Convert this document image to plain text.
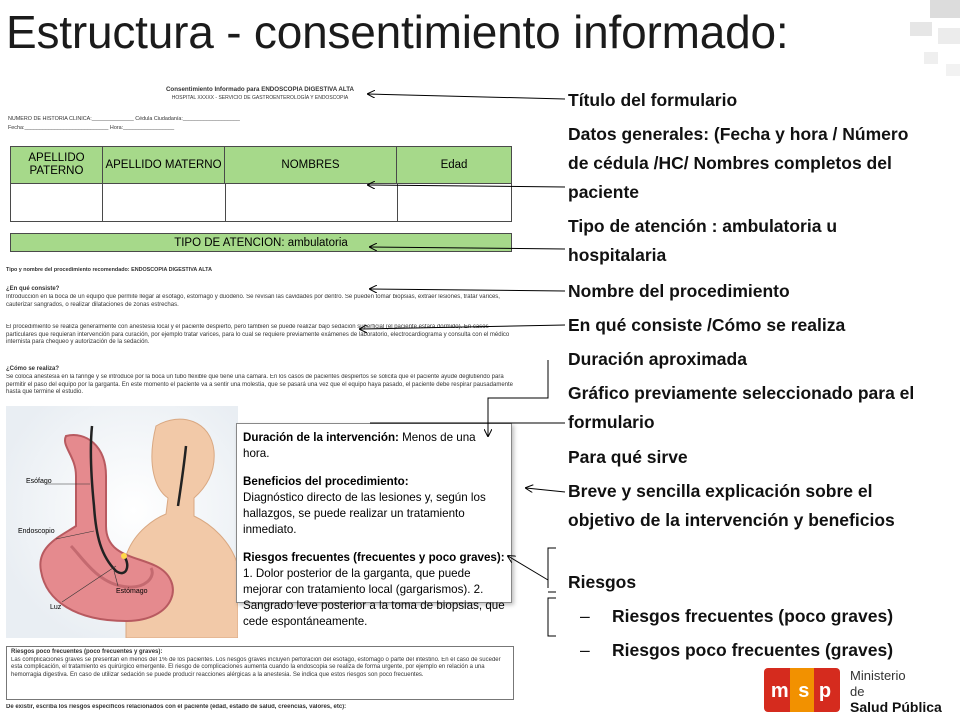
Estructura - consentimiento informado:
Consentimiento Informado para ENDOSCOPIA DIGESTIVA ALTA
HOSPITAL XXXXX - SERVICIO DE GASTROENTEROLOGÍA Y ENDOSCOPIA
NUMERO DE HISTORIA CLÍNICA:______________ Cédula Ciudadanía:___________________
Fecha:____________________________ Hora:_________________
APELLIDO PATERNO
APELLIDO MATERNO	NOMBRES	Edad
TIPO DE ATENCION: ambulatoria
Tipo y nombre del procedimiento recomendado: ENDOSCOPIA DIGESTIVA ALTA
¿En qué consiste?
Introducción en la boca de un equipo que permite llegar al esófago, estómago y duodeno. Se revisan las cavidades por dentro. Se pueden tomar biopsias, extraer lesiones, tratar varices, cauterizar sangrados, o realizar dilataciones de zonas estrechas.
El procedimiento se realiza generalmente con anestesia local y el paciente despierto, pero también se puede realizar bajo sedación superficial (el paciente estará dormido). En casos particulares que requieran intervención para curación, por ejemplo tratar varices, para lo cual se requiere previamente exámenes de laboratorio, electrocardiograma y consulta con el médico internista para chequeo y autorización de la sedación.
¿Cómo se realiza?
Se coloca anestesia en la faringe y se introduce por la boca un tubo flexible que tiene una cámara. En los casos de pacientes despiertos se solicita que el paciente ayude deglutiendo para permitir el paso del equipo por la garganta. En este momento el paciente va a sentir una molestia, que se pasará una vez que el equipo haya pasado, el paciente debe respirar pausadamente hasta que termine el estudio.
Esófago
Endoscopio
Estómago
Luz
Duración de la intervención: Menos de una hora.
Beneficios del procedimiento:
Diagnóstico directo de las lesiones y, según los hallazgos, se puede realizar un tratamiento inmediato.
Riesgos frecuentes (frecuentes y poco graves):
1. Dolor posterior de la garganta, que puede mejorar con tratamiento local (gargarismos). 2. Sangrado leve posterior a la toma de biopsias, que cede espontáneamente.
Riesgos poco frecuentes (poco frecuentes y graves):
Las complicaciones graves se presentan en menos del 1% de los pacientes. Los riesgos graves incluyen perforación del esófago, estómago o parte del intestino. En el caso de suceder esta complicación, el tratamiento es quirúrgico emergente. El riesgo de complicaciones aumenta cuando la endoscopia se realiza de forma urgente, por ejemplo en relación a una hemorragia digestiva. En caso de utilizar sedación se puede producir reacciones alérgicas a la anestesia. Se indica que estos riesgos son poco frecuentes.
De existir, escriba los riesgos específicos relacionados con el paciente (edad, estado de salud, creencias, valores, etc):
Título del formulario
Datos generales: (Fecha y hora / Número de cédula /HC/ Nombres completos del paciente
Tipo de atención : ambulatoria u hospitalaria
Nombre del procedimiento
En qué consiste /Cómo se realiza
Duración aproximada
Gráfico previamente seleccionado para el formulario
Para qué sirve
Breve y sencilla explicación sobre el objetivo de la intervención y beneficios
Riesgos
– Riesgos frecuentes (poco graves)
– Riesgos poco frecuentes (graves)
m s p
Ministerio
de
Salud Pública
